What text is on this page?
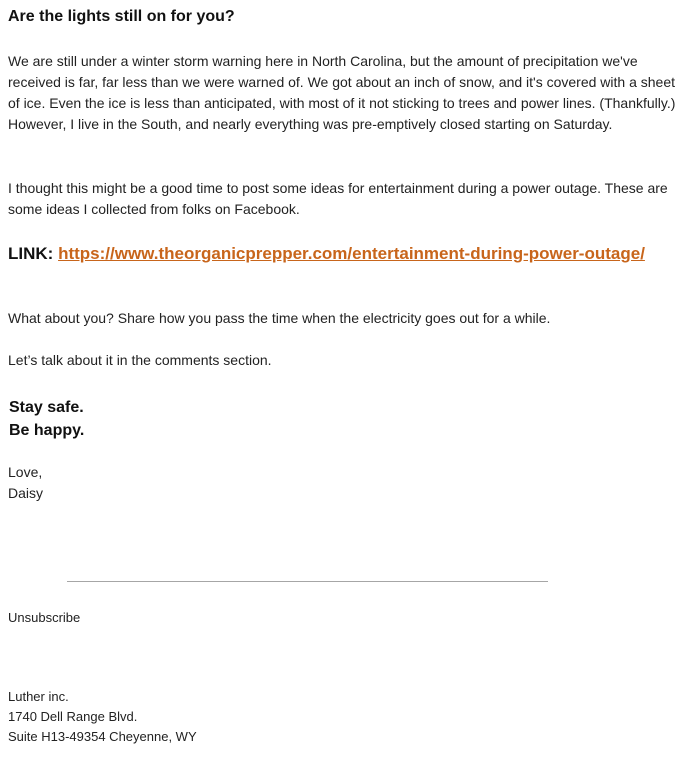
Are the lights still on for you?

We are still under a winter storm warning here in North Carolina, but the amount of precipitation we've received is far, far less than we were warned of. We got about an inch of snow, and it's covered with a sheet of ice. Even the ice is less than anticipated, with most of it not sticking to trees and power lines. (Thankfully.) However, I live in the South, and nearly everything was pre-emptively closed starting on Saturday.

I thought this might be a good time to post some ideas for entertainment during a power outage. These are some ideas I collected from folks on Facebook.

LINK: https://www.theorganicprepper.com/entertainment-during-power-outage/

What about you? Share how you pass the time when the electricity goes out for a while.

Let’s talk about it in the comments section.

Stay safe.
Be happy.

Love,
Daisy

Unsubscribe

Luther inc.
1740 Dell Range Blvd.
Suite H13-49354 Cheyenne, WY
